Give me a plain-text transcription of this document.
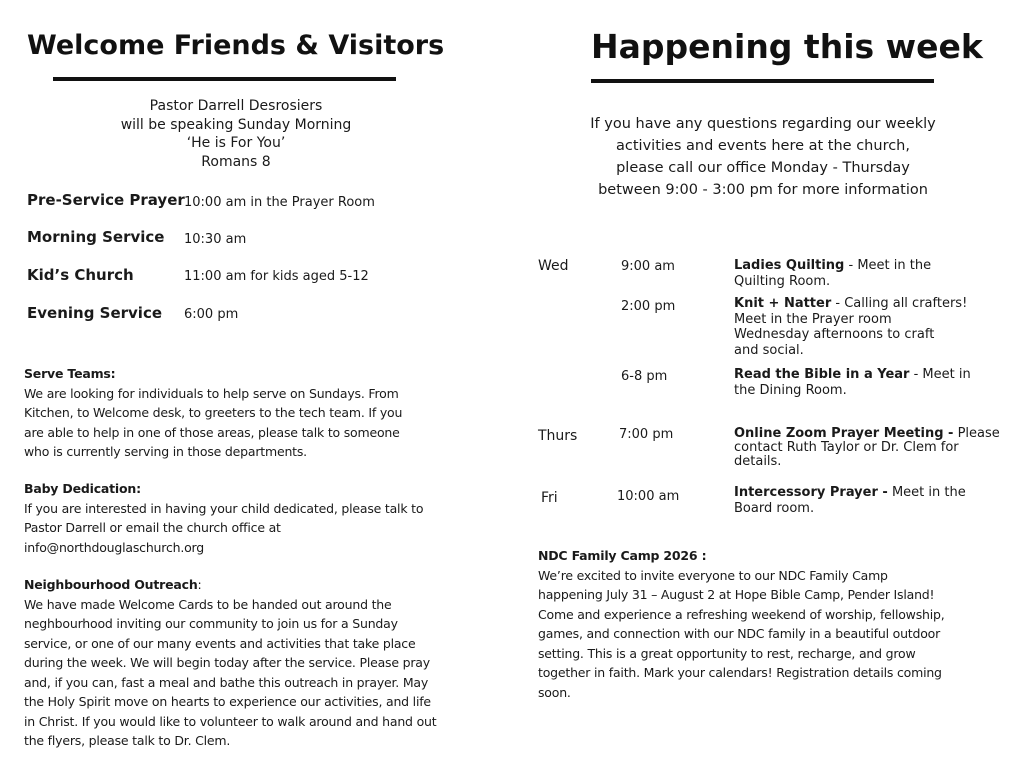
Welcome Friends & Visitors
Pastor Darrell Desrosiers
will be speaking Sunday Morning
‘He is For You’
Romans 8
Pre-Service Prayer 10:00 am in the Prayer Room
Morning Service 10:30 am
Kid’s Church	11:00 am for kids aged 5-12
Evening Service 6:00 pm
Serve Teams:
We are looking for individuals to help serve on Sundays. From
Kitchen, to Welcome desk, to greeters to the tech team. If you
are able to help in one of those areas, please talk to someone
who is currently serving in those departments.
Baby Dedication:
If you are interested in having your child dedicated, please talk to
Pastor Darrell or email the church office at
info@northdouglaschurch.org
Neighbourhood Outreach:
We have made Welcome Cards to be handed out around the
neghbourhood inviting our community to join us for a Sunday
service, or one of our many events and activities that take place
during the week. We will begin today after the service. Please pray
and, if you can, fast a meal and bathe this outreach in prayer. May
the Holy Spirit move on hearts to experience our activities, and life
in Christ. If you would like to volunteer to walk around and hand out
the flyers, please talk to Dr. Clem.
Happening this week
If you have any questions regarding our weekly
activities and events here at the church,
please call our office Monday - Thursday
between 9:00 - 3:00 pm for more information
Wed	9:00 am	Ladies Quilting - Meet in the
Quilting Room.
2:00 pm	Knit + Natter - Calling all crafters!
Meet in the Prayer room
Wednesday afternoons to craft
and social.
6-8 pm	Read the Bible in a Year - Meet in
the Dining Room.
Thurs	7:00 pm	Online Zoom Prayer Meeting - Please
contact Ruth Taylor or Dr. Clem for
details.
Fri	10:00 am	Intercessory Prayer - Meet in the
Board room.
NDC Family Camp 2026 :
We’re excited to invite everyone to our NDC Family Camp
happening July 31 – August 2 at Hope Bible Camp, Pender Island!
Come and experience a refreshing weekend of worship, fellowship,
games, and connection with our NDC family in a beautiful outdoor
setting. This is a great opportunity to rest, recharge, and grow
together in faith. Mark your calendars! Registration details coming
soon.
